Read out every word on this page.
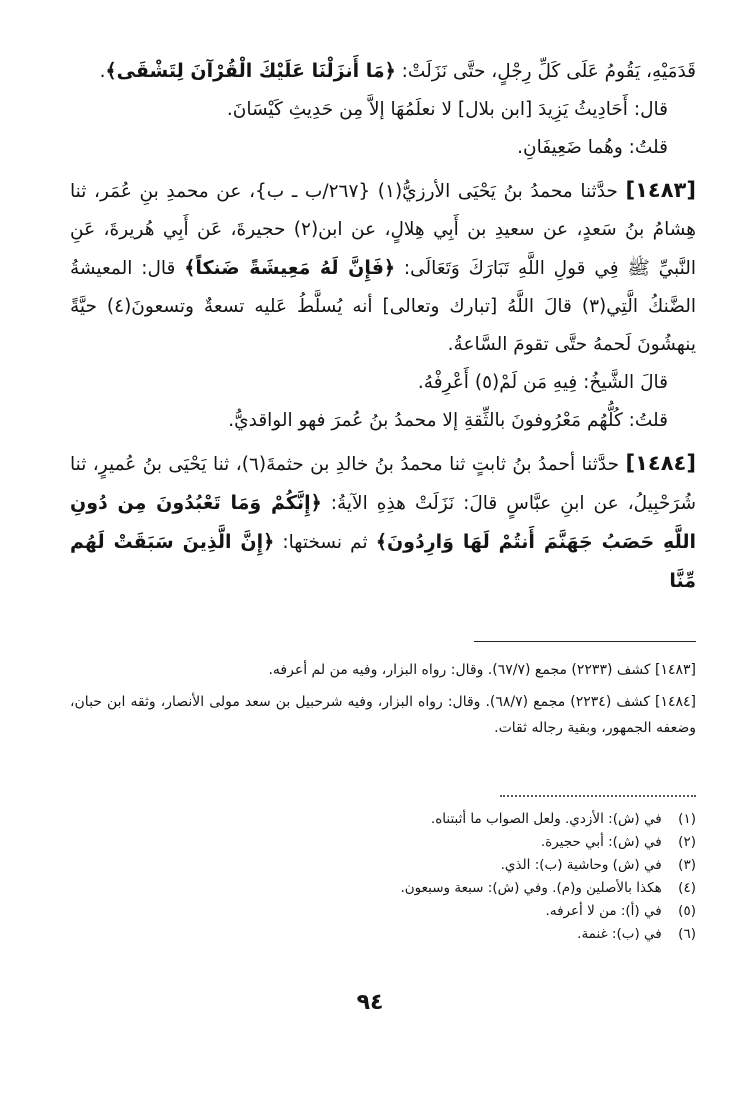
قَدَمَيْهِ، يَقُومُ عَلَى كَلِّ رِجْلٍ، حتَّى نَزَلَتْ: ﴿مَا أَنزَلْنَا عَلَيْكَ الْقُرْآنَ لِتَشْقَى﴾.

قال: أَحَادِيثُ يَزِيدَ [ابن بلال] لا نعلَمُهَا إلاَّ مِن حَدِيثِ كَيْسَانَ.

قلتُ: وهُما ضَعِيفَانِ.

[١٤٨٣] حدَّثنا محمدُ بنُ يَحْيَى الأرزيُّ(١) {٢٦٧/ب ـ ب}، عن محمدِ بنِ عُمَر، ثنا هِشامُ بنُ سَعدٍ، عن سعيدِ بن أَبِي هِلالٍ، عن ابن(٢) حجيرةَ، عَن أَبِي هُريرةَ، عَنِ النَّبيِّ ﷺ فِي قولِ اللَّهِ تَبَارَكَ وَتَعَالَى: ﴿فَإِنَّ لَهُ مَعِيشَةً ضَنكاً﴾ قال: المعيشةُ الضَّنكُ الَّتِي(٣) قالَ اللَّهُ [تبارك وتعالى] أنه يُسلَّطُ عَليه تسعةٌ وتسعونَ(٤) حيَّةً ينهشُونَ لَحمهُ حتَّى تقومَ السَّاعةُ.

قالَ الشَّيخُ: فِيهِ مَن لَمْ(٥) أَعْرِفْهُ.

قلتُ: كُلُّهُم مَعْرُوفونَ بالثِّقةِ إلا محمدُ بنُ عُمرَ فهو الواقديُّ.

[١٤٨٤] حدَّثنا أحمدُ بنُ ثابتٍ ثنا محمدُ بنُ خالدِ بن حثمةَ(٦)، ثنا يَحْيَى بنُ عُميرٍ، ثنا شُرَحْبِيلُ، عن ابنِ عبَّاسٍ قالَ: نَزَلَتْ هذِهِ الآيةُ: ﴿إِنَّكُمْ وَمَا تَعْبُدُونَ مِن دُونِ اللَّهِ حَصَبُ جَهَنَّمَ أَنتُمْ لَهَا وَارِدُونَ﴾ ثم نسختها: ﴿إِنَّ الَّذِينَ سَبَقَتْ لَهُم مِّنَّا

[١٤٨٣] كشف (٢٢٣٣) مجمع (٦٧/٧). وقال: رواه البزار، وفيه من لم أعرفه.

[١٤٨٤] كشف (٢٢٣٤) مجمع (٦٨/٧). وقال: رواه البزار، وفيه شرحبيل بن سعد مولى الأنصار، وثقه ابن حبان، وضعفه الجمهور، وبقية رجاله ثقات.

(١) في (ش): الأزدي. ولعل الصواب ما أثبتناه.
(٢) في (ش): أبي حجيرة.
(٣) في (ش) وحاشية (ب): الذي.
(٤) هكذا بالأصلين و(م). وفي (ش): سبعة وسبعون.
(٥) في (أ): من لا أعرفه.
(٦) في (ب): غنمة.
٩٤
